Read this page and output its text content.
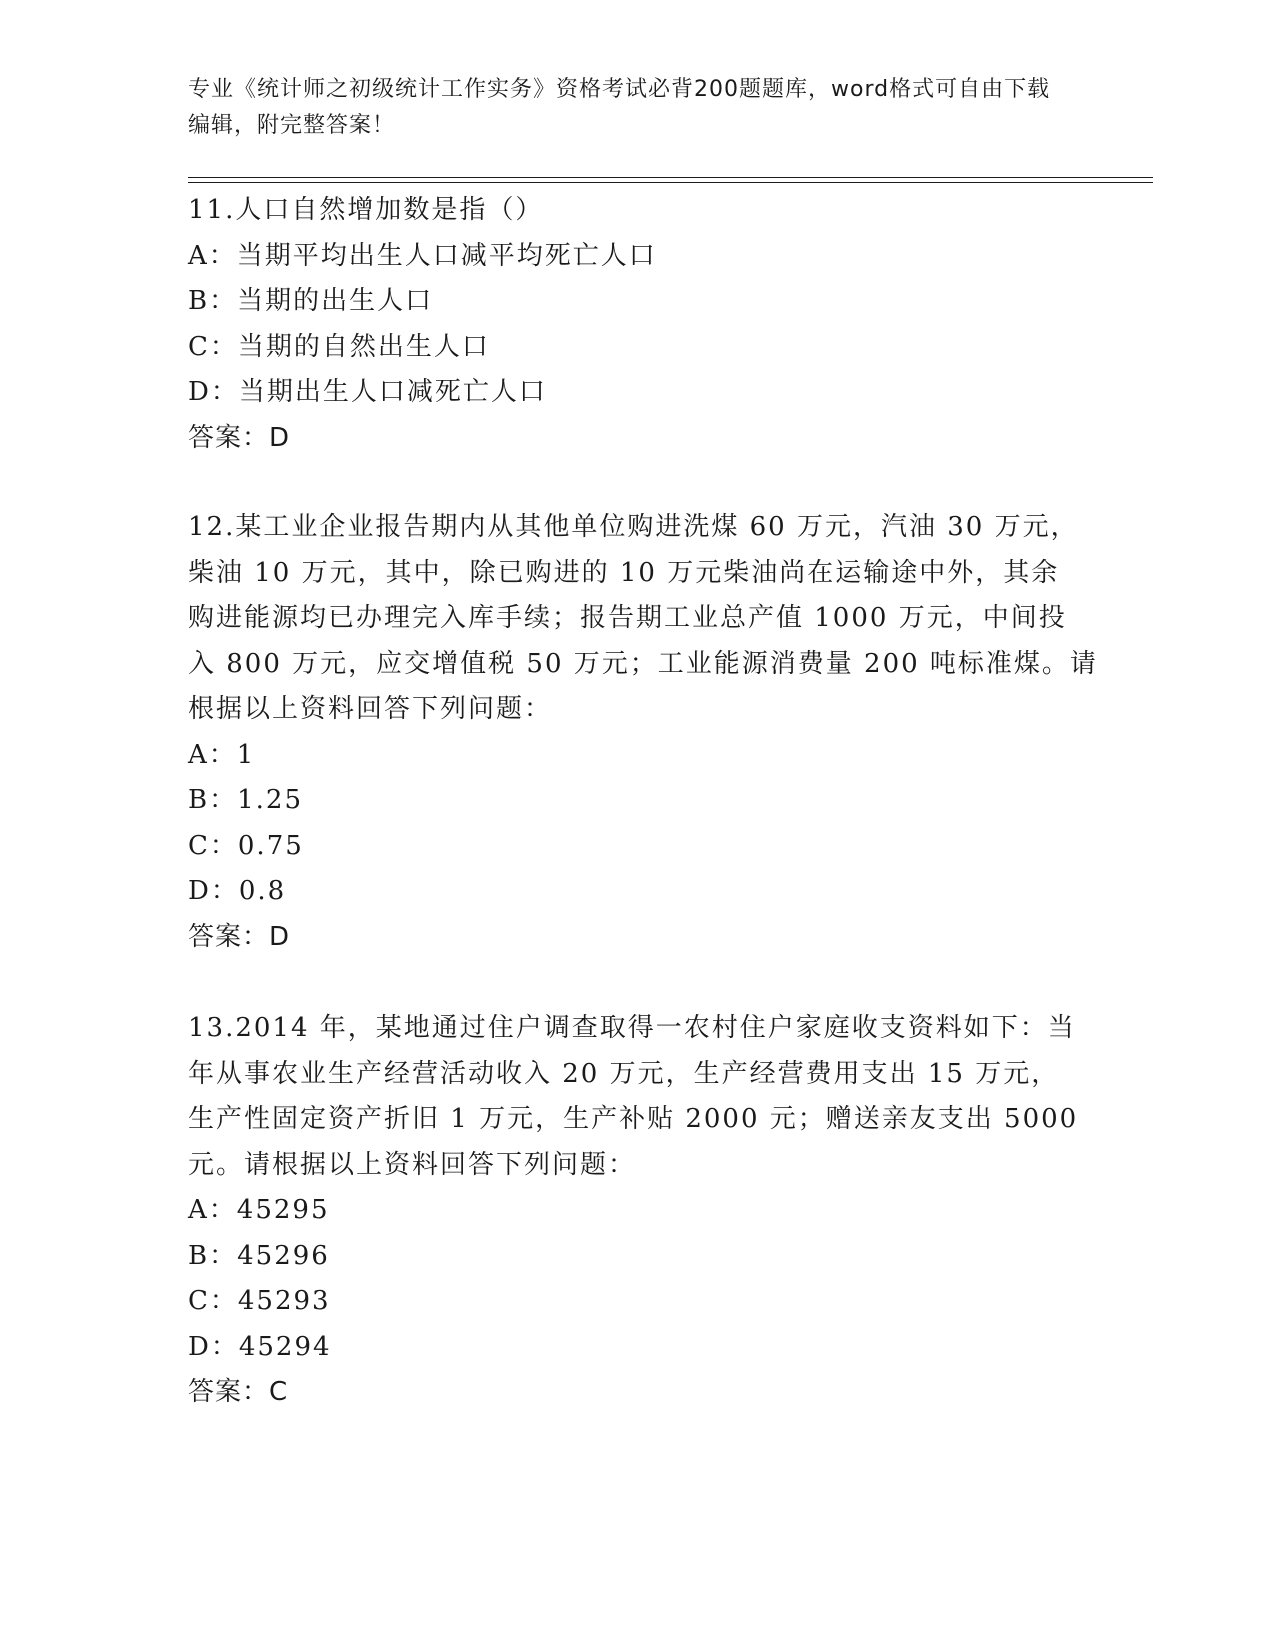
专业《统计师之初级统计工作实务》资格考试必背200题题库，word格式可自由下载编辑，附完整答案！
11.人口自然增加数是指（）
A：当期平均出生人口减平均死亡人口
B：当期的出生人口
C：当期的自然出生人口
D：当期出生人口减死亡人口
答案：D
12.某工业企业报告期内从其他单位购进洗煤 60 万元，汽油 30 万元，
柴油 10 万元，其中，除已购进的 10 万元柴油尚在运输途中外，其余
购进能源均已办理完入库手续；报告期工业总产值 1000 万元，中间投
入 800 万元，应交增值税 50 万元；工业能源消费量 200 吨标准煤。请
根据以上资料回答下列问题：
A：1
B：1.25
C：0.75
D：0.8
答案：D
13.2014 年，某地通过住户调查取得一农村住户家庭收支资料如下：当
年从事农业生产经营活动收入 20 万元，生产经营费用支出 15 万元，
生产性固定资产折旧 1 万元，生产补贴 2000 元；赠送亲友支出 5000
元。请根据以上资料回答下列问题：
A：45295
B：45296
C：45293
D：45294
答案：C
